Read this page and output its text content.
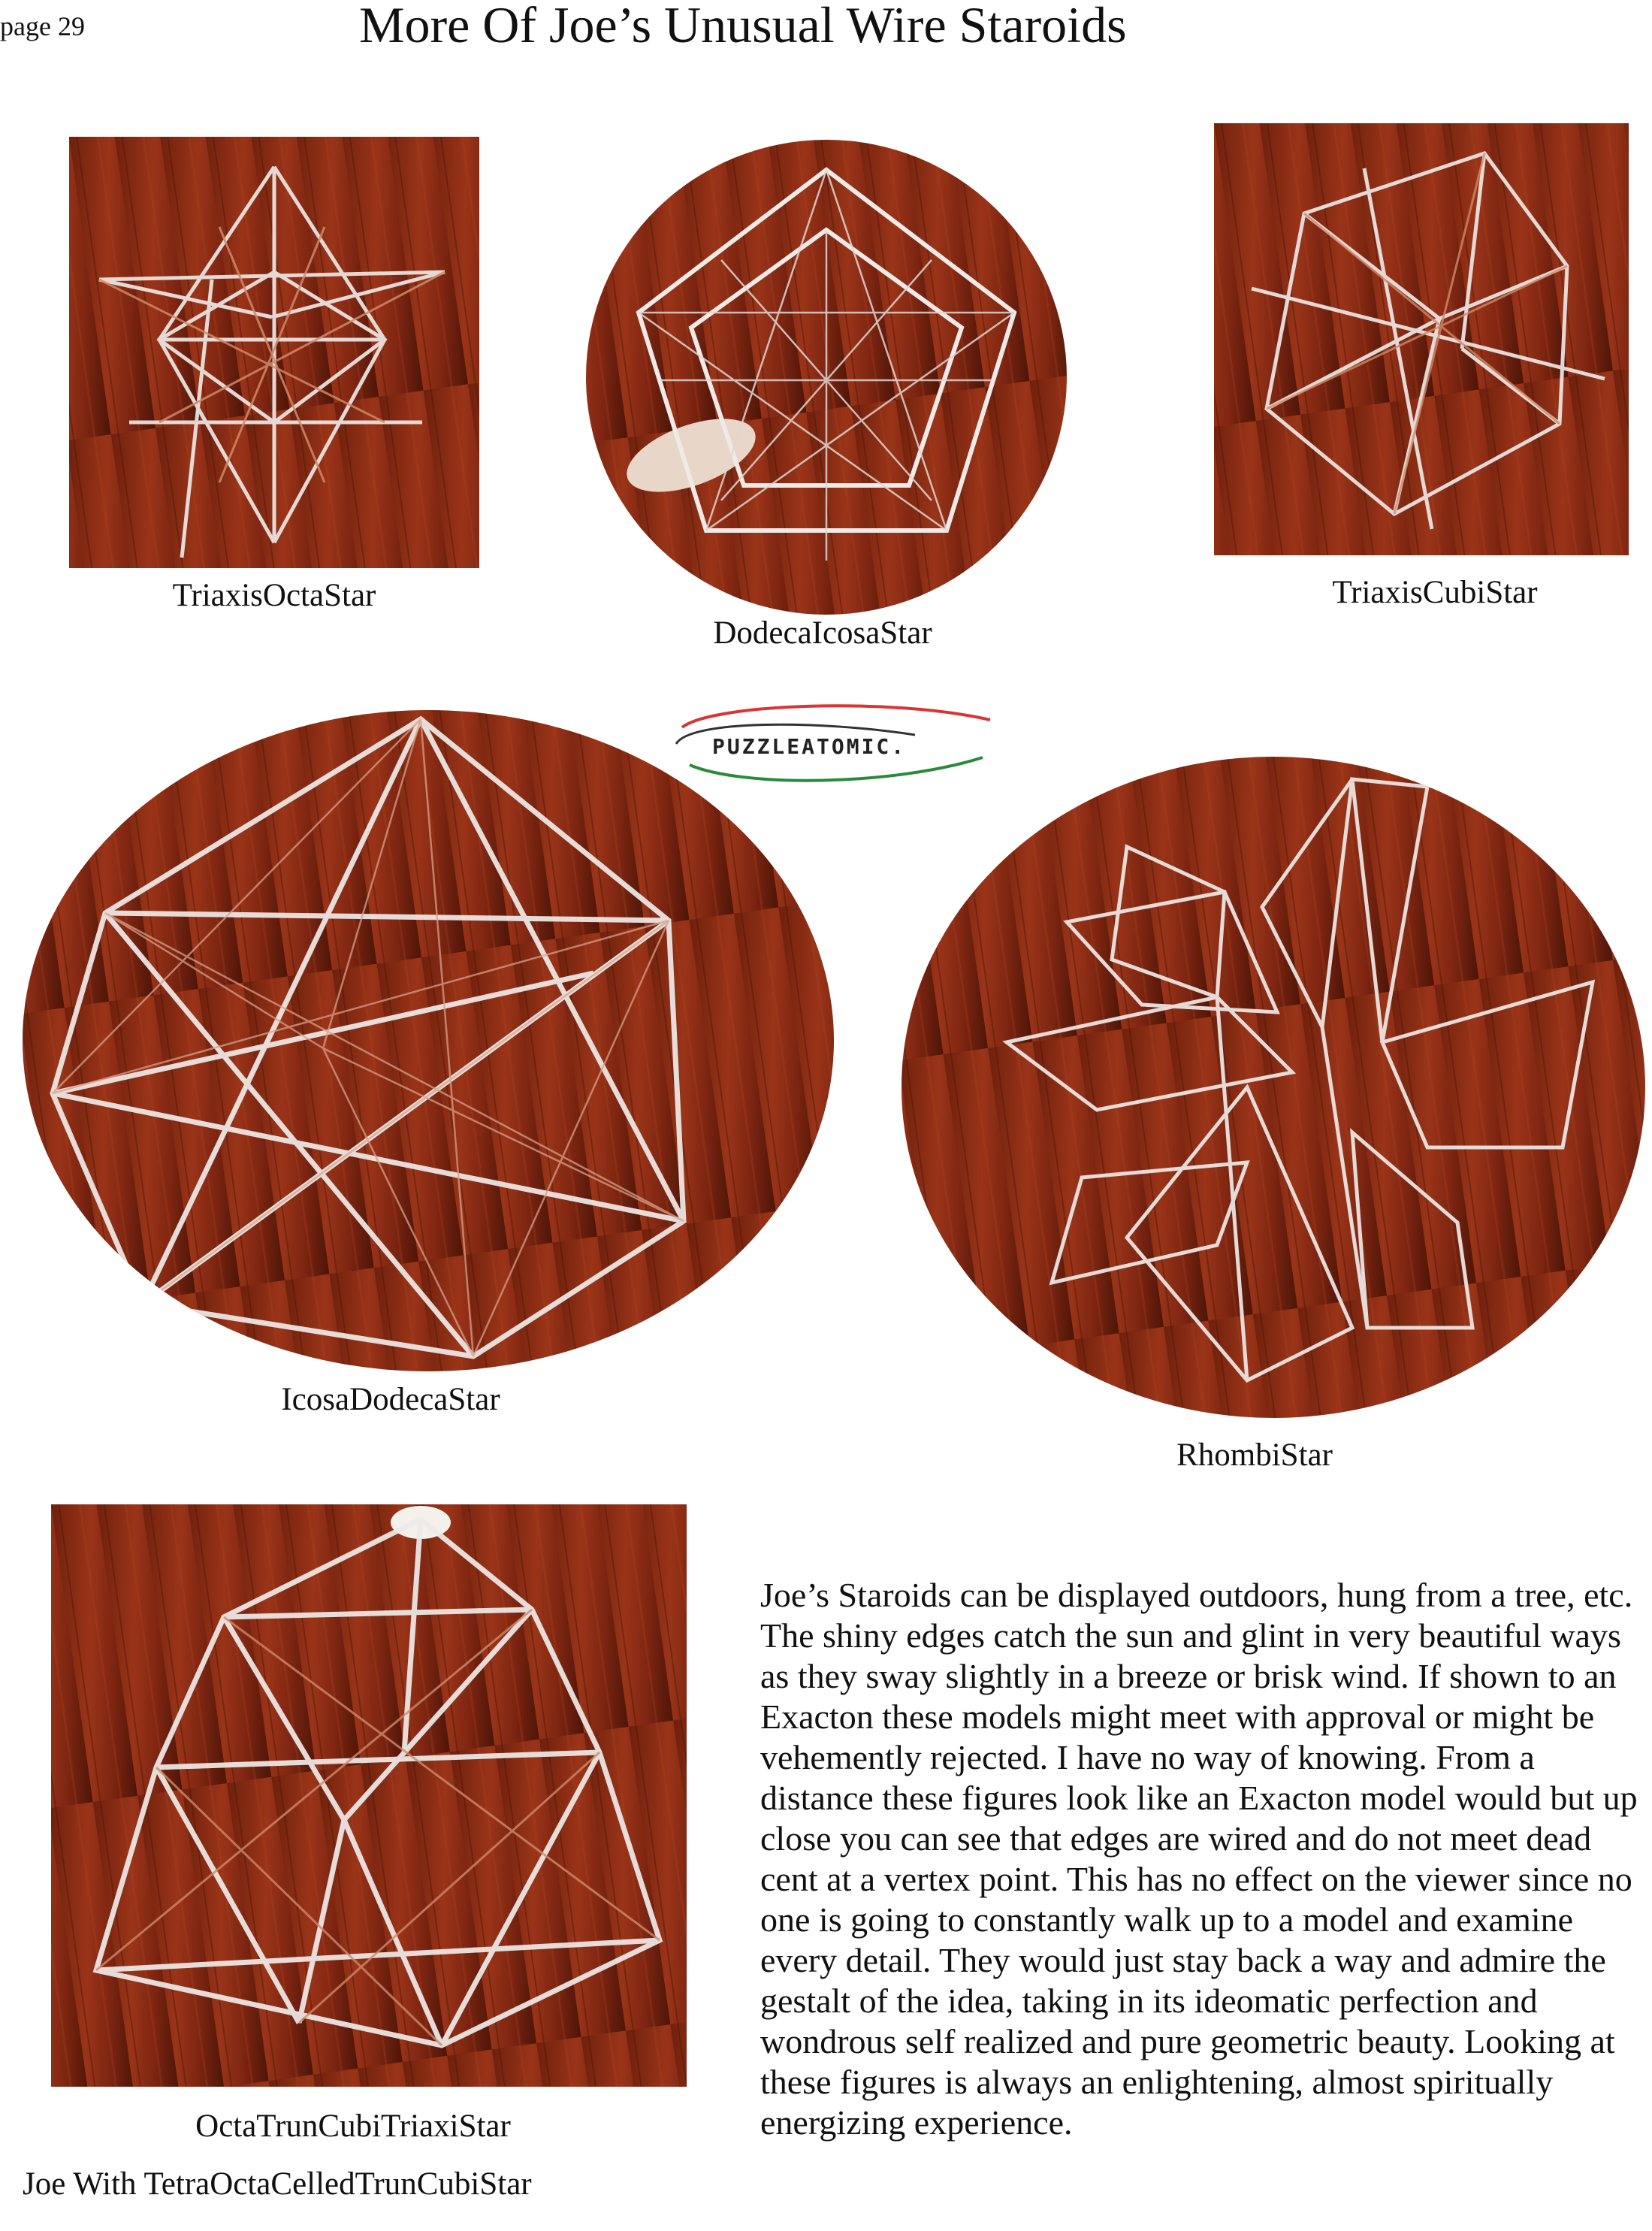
page 29	More Of Joe’s Unusual Wire Staroids
TriaxisOctaStar
DodecaIcosaStar
TriaxisCubiStar
PUZZLEATOMIC.
IcosaDodecaStar
RhombiStar
OctaTrunCubiTriaxiStar
Joe With TetraOctaCelledTrunCubiStar

Joe’s Staroids can be displayed outdoors, hung from a tree, etc. The shiny edges catch the sun and glint in very beautiful ways as they sway slightly in a breeze or brisk wind. If shown to an Exacton these models might meet with approval or might be vehemently rejected. I have no way of knowing. From a distance these figures look like an Exacton model would but up close you can see that edges are wired and do not meet dead cent at a vertex point. This has no effect on the viewer since no one is going to constantly walk up to a model and examine every detail. They would just stay back a way and admire the gestalt of the idea, taking in its ideomatic perfection and wondrous self realized and pure geometric beauty. Looking at these figures is always an enlightening, almost spiritually energizing experience.
